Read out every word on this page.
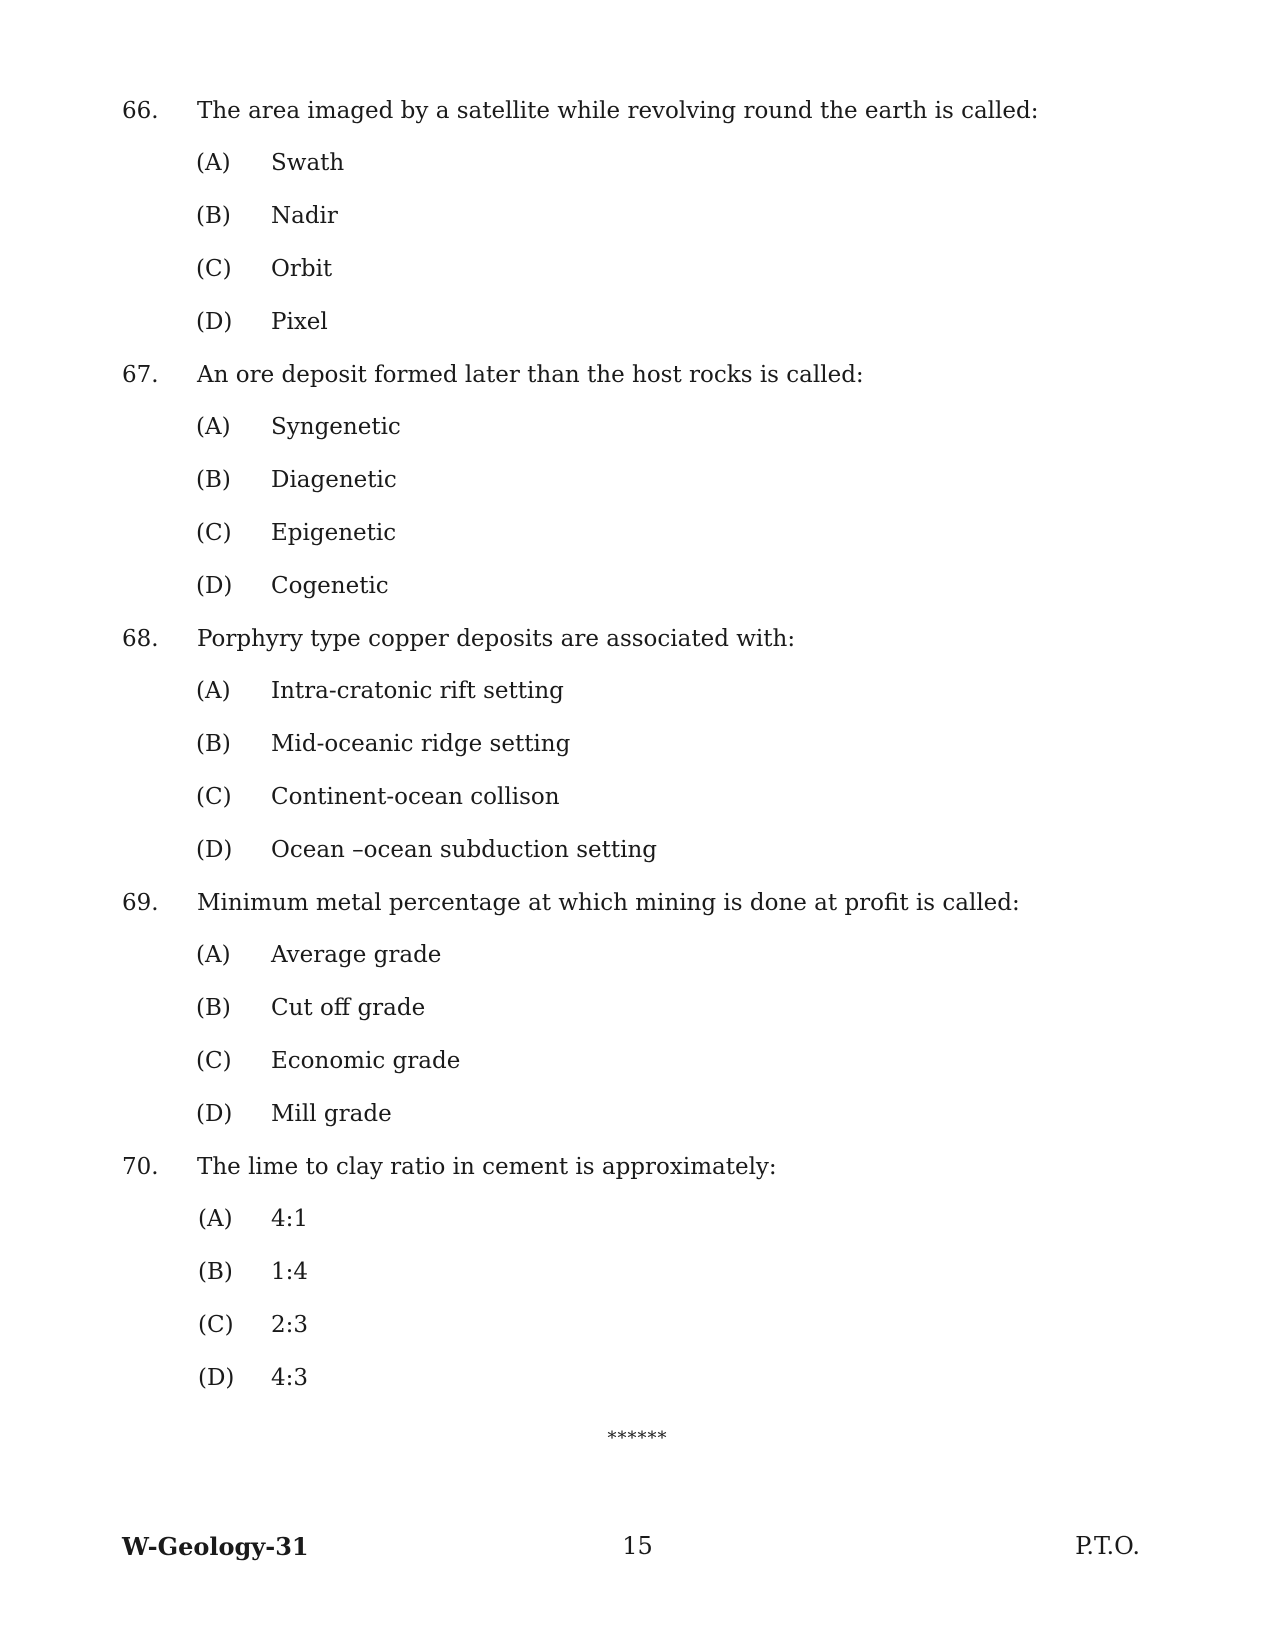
66. The area imaged by a satellite while revolving round the earth is called:
(A) Swath
(B) Nadir
(C) Orbit
(D) Pixel
67. An ore deposit formed later than the host rocks is called:
(A) Syngenetic
(B) Diagenetic
(C) Epigenetic
(D) Cogenetic
68. Porphyry type copper deposits are associated with:
(A) Intra-cratonic rift setting
(B) Mid-oceanic ridge setting
(C) Continent-ocean collison
(D) Ocean –ocean subduction setting
69. Minimum metal percentage at which mining is done at profit is called:
(A) Average grade
(B) Cut off grade
(C) Economic grade
(D) Mill grade
70. The lime to clay ratio in cement is approximately:
(A) 4:1
(B) 1:4
(C) 2:3
(D) 4:3
******
W-Geology-31	15	P.T.O.
